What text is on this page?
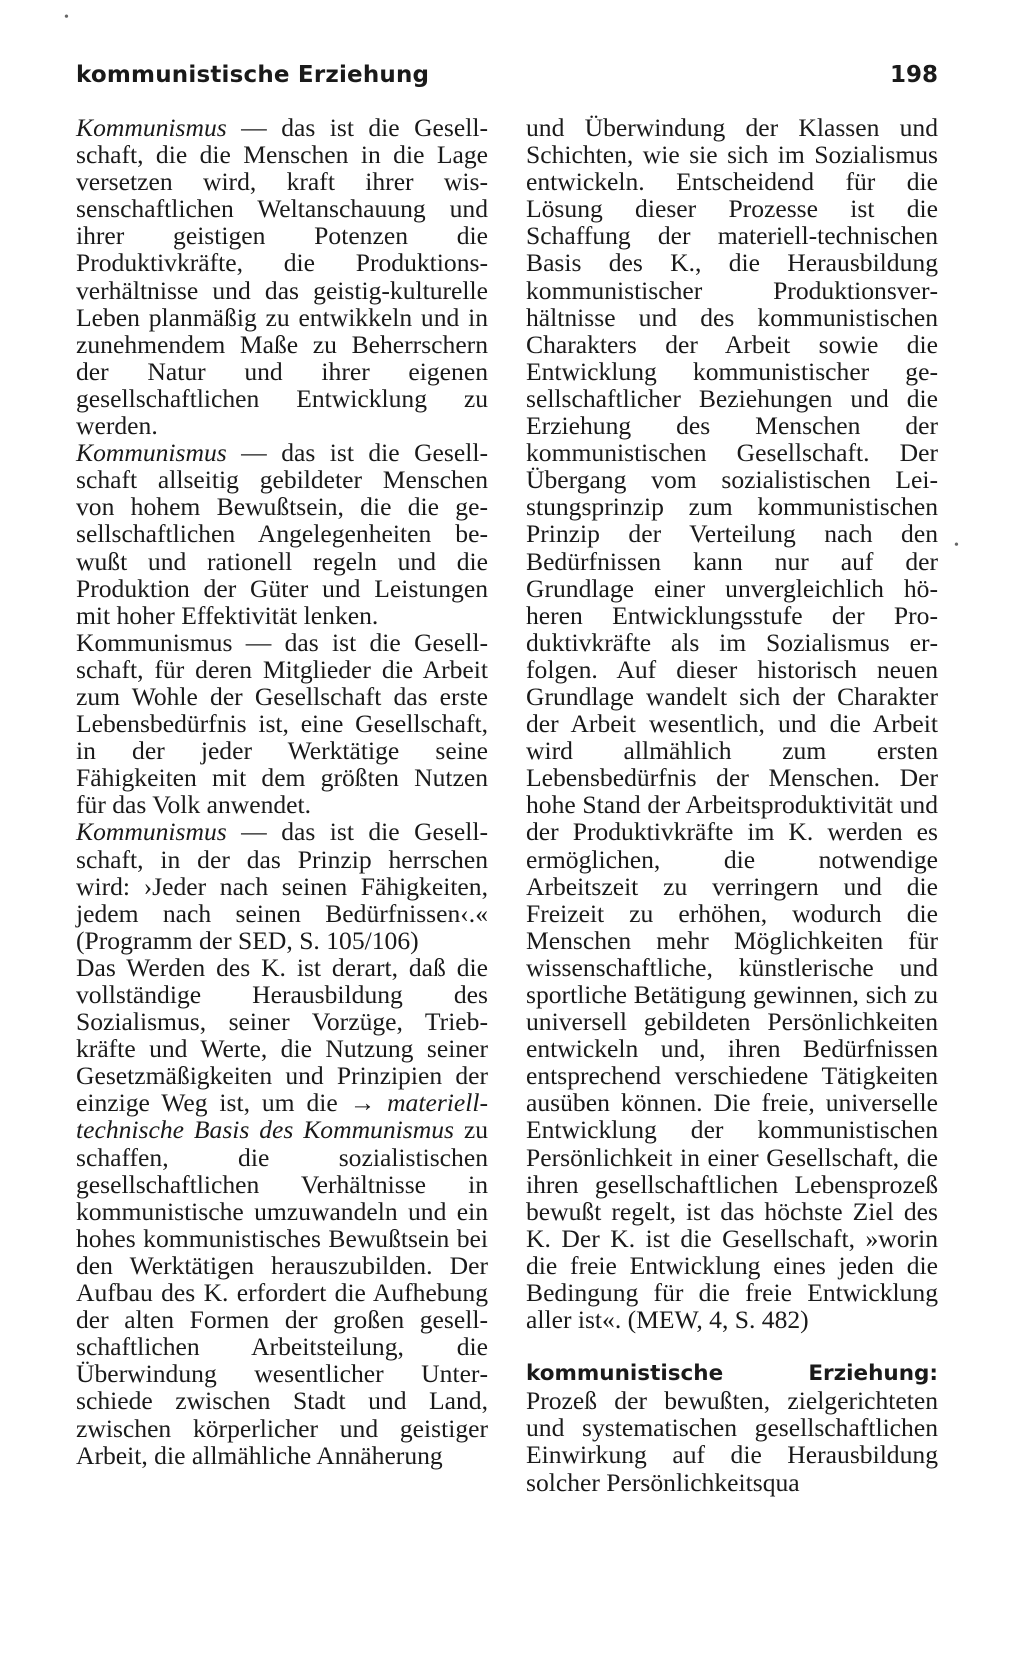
•
•
kommunistische Erziehung	198

Kommunismus — das ist die Gesellschaft, die die Menschen in die Lage versetzen wird, kraft ihrer wissenschaftlichen Weltanschauung und ihrer geistigen Potenzen die Produktivkräfte, die Produktionsverhältnisse und das geistig-kulturelle Leben planmäßig zu entwikkeln und in zunehmendem Maße zu Beherrschern der Natur und ihrer eigenen gesellschaftlichen Entwicklung zu werden.

Kommunismus — das ist die Gesellschaft allseitig gebildeter Menschen von hohem Bewußtsein, die die gesellschaftlichen Angelegenheiten bewußt und rationell regeln und die Produktion der Güter und Leistungen mit hoher Effektivität lenken.

Kommunismus — das ist die Gesellschaft, für deren Mitglieder die Arbeit zum Wohle der Gesellschaft das erste Lebensbedürfnis ist, eine Gesellschaft, in der jeder Werktätige seine Fähigkeiten mit dem größten Nutzen für das Volk anwendet.

Kommunismus — das ist die Gesellschaft, in der das Prinzip herrschen wird: ›Jeder nach seinen Fähigkeiten, jedem nach seinen Bedürfnissen‹.« (Programm der SED, S. 105/106)

Das Werden des K. ist derart, daß die vollständige Herausbildung des Sozialismus, seiner Vorzüge, Triebkräfte und Werte, die Nutzung seiner Gesetzmäßigkeiten und Prinzipien der einzige Weg ist, um die → materiell-technische Basis des Kommunismus zu schaffen, die sozialistischen gesellschaftlichen Verhältnisse in kommunistische umzuwandeln und ein hohes kommunistisches Bewußtsein bei den Werktätigen herauszubilden. Der Aufbau des K. erfordert die Aufhebung der alten Formen der großen gesellschaftlichen Arbeitsteilung, die Überwindung wesentlicher Unterschiede zwischen Stadt und Land, zwischen körperlicher und geistiger Arbeit, die allmähliche Annäherung

und Überwindung der Klassen und Schichten, wie sie sich im Sozialismus entwickeln. Entscheidend für die Lösung dieser Prozesse ist die Schaffung der materiell-technischen Basis des K., die Herausbildung kommunistischer Produktionsverhältnisse und des kommunistischen Charakters der Arbeit sowie die Entwicklung kommunistischer gesellschaftlicher Beziehungen und die Erziehung des Menschen der kommunistischen Gesellschaft. Der Übergang vom sozialistischen Leistungsprinzip zum kommunistischen Prinzip der Verteilung nach den Bedürfnissen kann nur auf der Grundlage einer unvergleichlich höheren Entwicklungsstufe der Produktivkräfte als im Sozialismus erfolgen. Auf dieser historisch neuen Grundlage wandelt sich der Charakter der Arbeit wesentlich, und die Arbeit wird allmählich zum ersten Lebensbedürfnis der Menschen. Der hohe Stand der Arbeitsproduktivität und der Produktivkräfte im K. werden es ermöglichen, die notwendige Arbeitszeit zu verringern und die Freizeit zu erhöhen, wodurch die Menschen mehr Möglichkeiten für wissenschaftliche, künstlerische und sportliche Betätigung gewinnen, sich zu universell gebildeten Persönlichkeiten entwickeln und, ihren Bedürfnissen entsprechend verschiedene Tätigkeiten ausüben können. Die freie, universelle Entwicklung der kommunistischen Persönlichkeit in einer Gesellschaft, die ihren gesellschaftlichen Lebensprozeß bewußt regelt, ist das höchste Ziel des K. Der K. ist die Gesellschaft, »worin die freie Entwicklung eines jeden die Bedingung für die freie Entwicklung aller ist«. (MEW, 4, S. 482)

kommunistische Erziehung:

Prozeß der bewußten, zielgerichteten und systematischen gesellschaftlichen Einwirkung auf die Herausbildung solcher Persönlichkeitsqua
